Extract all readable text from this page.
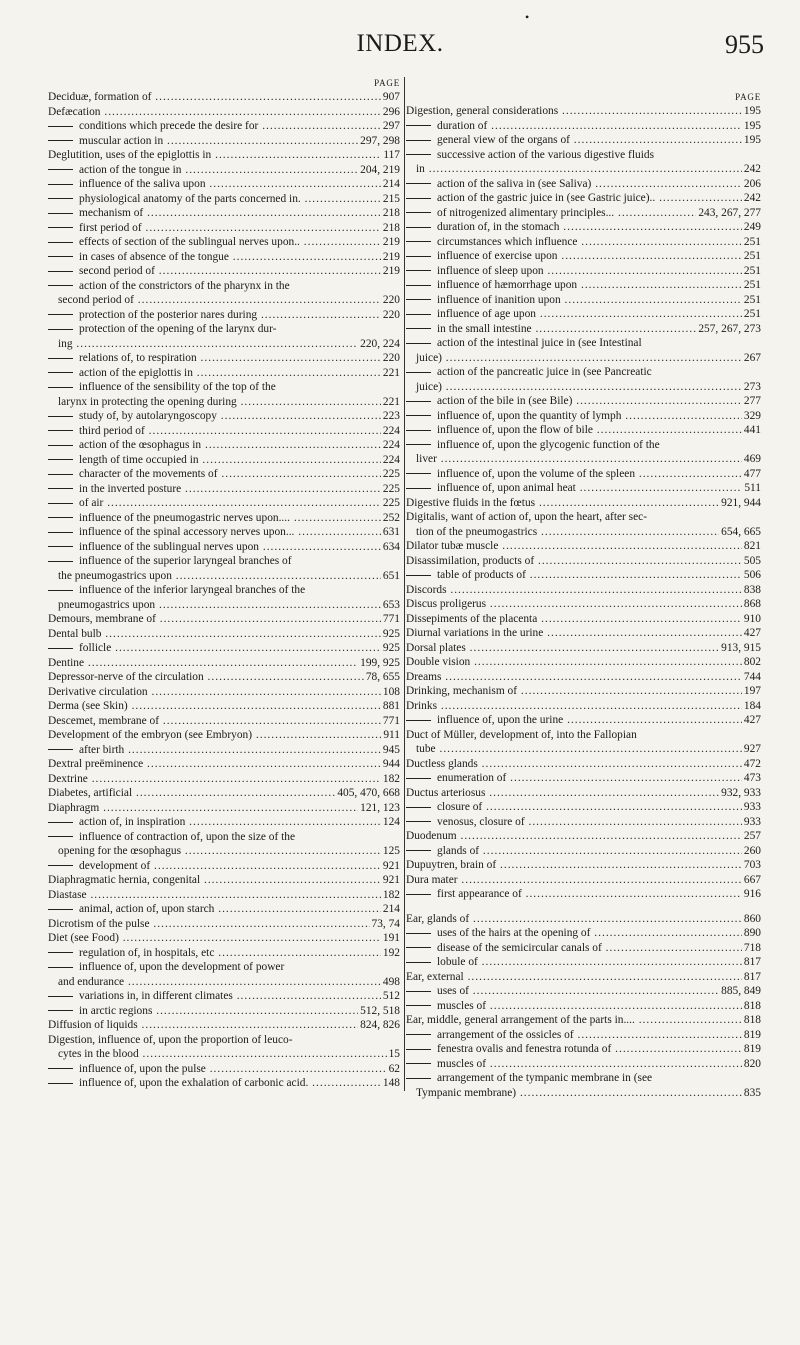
•
INDEX.	955
PAGE
Deciduæ, formation of .....	907
Defæcation .....	296
conditions which precede the desire for .....	297
muscular action in .....	297, 298
Deglutition, uses of the epiglottis in .....	117
action of the tongue in .....	204, 219
influence of the saliva upon .....	214
physiological anatomy of the parts concerned in. .....	215
mechanism of .....	218
first period of .....	218
effects of section of the sublingual nerves upon.. .....	219
in cases of absence of the tongue .....	219
second period of .....	219
action of the constrictors of the pharynx in the
second period of .....	220
protection of the posterior nares during .....	220
protection of the opening of the larynx dur-
ing .....	220, 224
relations of, to respiration .....	220
action of the epiglottis in .....	221
influence of the sensibility of the top of the
larynx in protecting the opening during .....	221
study of, by autolaryngoscopy .....	223
third period of .....	224
action of the œsophagus in .....	224
length of time occupied in .....	224
character of the movements of .....	225
in the inverted posture .....	225
of air .....	225
influence of the pneumogastric nerves upon.... .....	252
influence of the spinal accessory nerves upon... .....	631
influence of the sublingual nerves upon .....	634
influence of the superior laryngeal branches of
the pneumogastrics upon .....	651
influence of the inferior laryngeal branches of the
pneumogastrics upon .....	653
Demours, membrane of .....	771
Dental bulb .....	925
follicle .....	925
Dentine .....	199, 925
Depressor-nerve of the circulation .....	78, 655
Derivative circulation .....	108
Derma (see Skin) .....	881
Descemet, membrane of .....	771
Development of the embryon (see Embryon) .....	911
after birth .....	945
Dextral preëminence .....	944
Dextrine .....	182
Diabetes, artificial .....	405, 470, 668
Diaphragm .....	121, 123
action of, in inspiration .....	124
influence of contraction of, upon the size of the
opening for the œsophagus .....	125
development of .....	921
Diaphragmatic hernia, congenital .....	921
Diastase .....	182
animal, action of, upon starch .....	214
Dicrotism of the pulse .....	73, 74
Diet (see Food) .....	191
regulation of, in hospitals, etc .....	192
influence of, upon the development of power
and endurance .....	498
variations in, in different climates .....	512
in arctic regions .....	512, 518
Diffusion of liquids .....	824, 826
Digestion, influence of, upon the proportion of leuco-
cytes in the blood .....	15
influence of, upon the pulse .....	62
influence of, upon the exhalation of carbonic acid. .....	148
PAGE
Digestion, general considerations .....	195
duration of .....	195
general view of the organs of .....	195
successive action of the various digestive fluids
in .....	242
action of the saliva in (see Saliva) .....	206
action of the gastric juice in (see Gastric juice).. .....	242
of nitrogenized alimentary principles... .....	243, 267, 277
duration of, in the stomach .....	249
circumstances which influence .....	251
influence of exercise upon .....	251
influence of sleep upon .....	251
influence of hæmorrhage upon .....	251
influence of inanition upon .....	251
influence of age upon .....	251
in the small intestine .....	257, 267, 273
action of the intestinal juice in (see Intestinal
juice) .....	267
action of the pancreatic juice in (see Pancreatic
juice) .....	273
action of the bile in (see Bile) .....	277
influence of, upon the quantity of lymph .....	329
influence of, upon the flow of bile .....	441
influence of, upon the glycogenic function of the
liver .....	469
influence of, upon the volume of the spleen .....	477
influence of, upon animal heat .....	511
Digestive fluids in the fœtus .....	921, 944
Digitalis, want of action of, upon the heart, after sec-
tion of the pneumogastrics .....	654, 665
Dilator tubæ muscle .....	821
Disassimilation, products of .....	505
table of products of .....	506
Discords .....	838
Discus proligerus .....	868
Dissepiments of the placenta .....	910
Diurnal variations in the urine .....	427
Dorsal plates .....	913, 915
Double vision .....	802
Dreams .....	744
Drinking, mechanism of .....	197
Drinks .....	184
influence of, upon the urine .....	427
Duct of Müller, development of, into the Fallopian
tube .....	927
Ductless glands .....	472
enumeration of .....	473
Ductus arteriosus .....	932, 933
closure of .....	933
venosus, closure of .....	933
Duodenum .....	257
glands of .....	260
Dupuytren, brain of .....	703
Dura mater .....	667
first appearance of .....	916
Ear, glands of .....	860
uses of the hairs at the opening of .....	890
disease of the semicircular canals of .....	718
lobule of .....	817
Ear, external .....	817
uses of .....	885, 849
muscles of .....	818
Ear, middle, general arrangement of the parts in.... .....	818
arrangement of the ossicles of .....	819
fenestra ovalis and fenestra rotunda of .....	819
muscles of .....	820
arrangement of the tympanic membrane in (see
Tympanic membrane) .....	835
